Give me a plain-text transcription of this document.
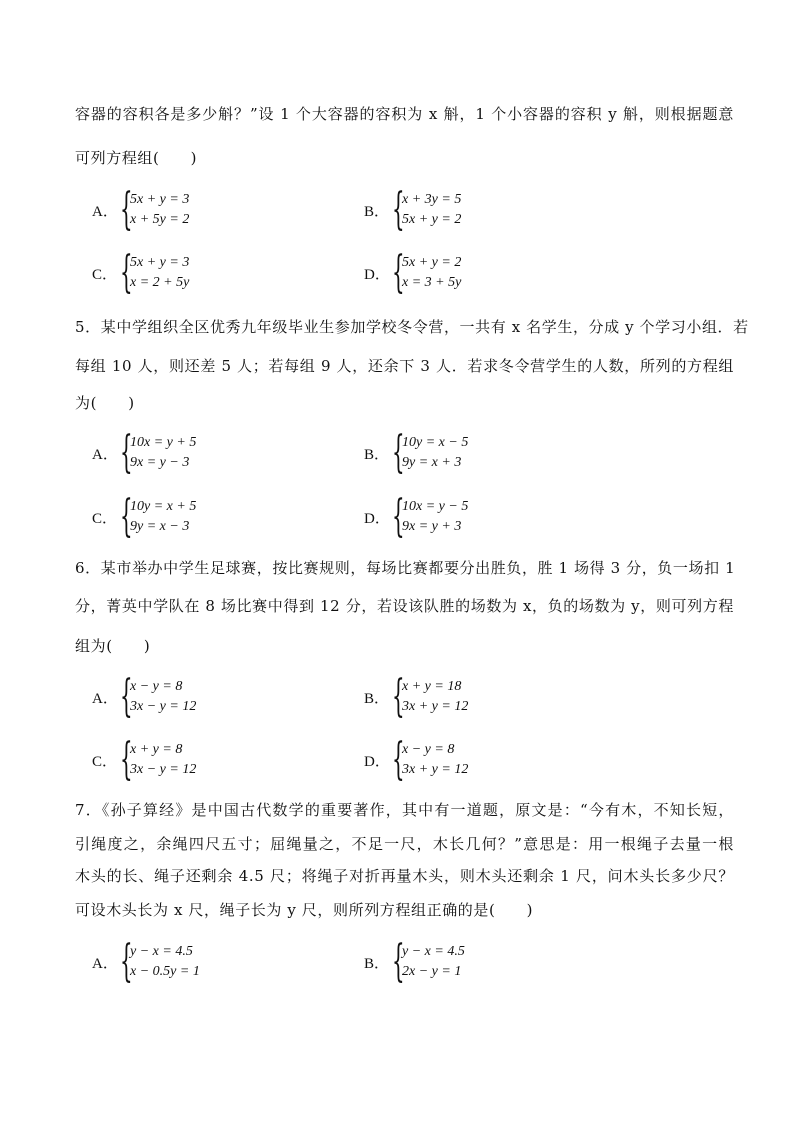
容器的容积各是多少斛？”设 1 个大容器的容积为 x 斛，1 个小容器的容积 y 斛，则根据题意
可列方程组(　　)
A． {
5x + y = 3
x + 5y = 2	B． {
x + 3y = 5
5x + y = 2
C． {
5x + y = 3
x = 2 + 5y	D． {
5x + y = 2
x = 3 + 5y
5．某中学组织全区优秀九年级毕业生参加学校冬令营，一共有 x 名学生，分成 y 个学习小组．若
每组 10 人，则还差 5 人；若每组 9 人，还余下 3 人．若求冬令营学生的人数，所列的方程组
为(　　)
A． {
10x = y + 5
9x = y − 3	B． {
10y = x − 5
9y = x + 3
C． {
10y = x + 5
9y = x − 3	D． {
10x = y − 5
9x = y + 3
6．某市举办中学生足球赛，按比赛规则，每场比赛都要分出胜负，胜 1 场得 3 分，负一场扣 1
分，菁英中学队在 8 场比赛中得到 12 分，若设该队胜的场数为 x，负的场数为 y，则可列方程
组为(　　)
A． {
x − y = 8
3x − y = 12	B． {
x + y = 18
3x + y = 12
C． {
x + y = 8
3x − y = 12	D． {
x − y = 8
3x + y = 12
7．《孙子算经》是中国古代数学的重要著作，其中有一道题，原文是：“今有木，不知长短，
引绳度之，余绳四尺五寸；屈绳量之，不足一尺，木长几何？”意思是：用一根绳子去量一根
木头的长、绳子还剩余 4.5 尺；将绳子对折再量木头，则木头还剩余 1 尺，问木头长多少尺？
可设木头长为 x 尺，绳子长为 y 尺，则所列方程组正确的是(　　)
A． {
y − x = 4.5
x − 0.5y = 1	B． {
y − x = 4.5
2x − y = 1
